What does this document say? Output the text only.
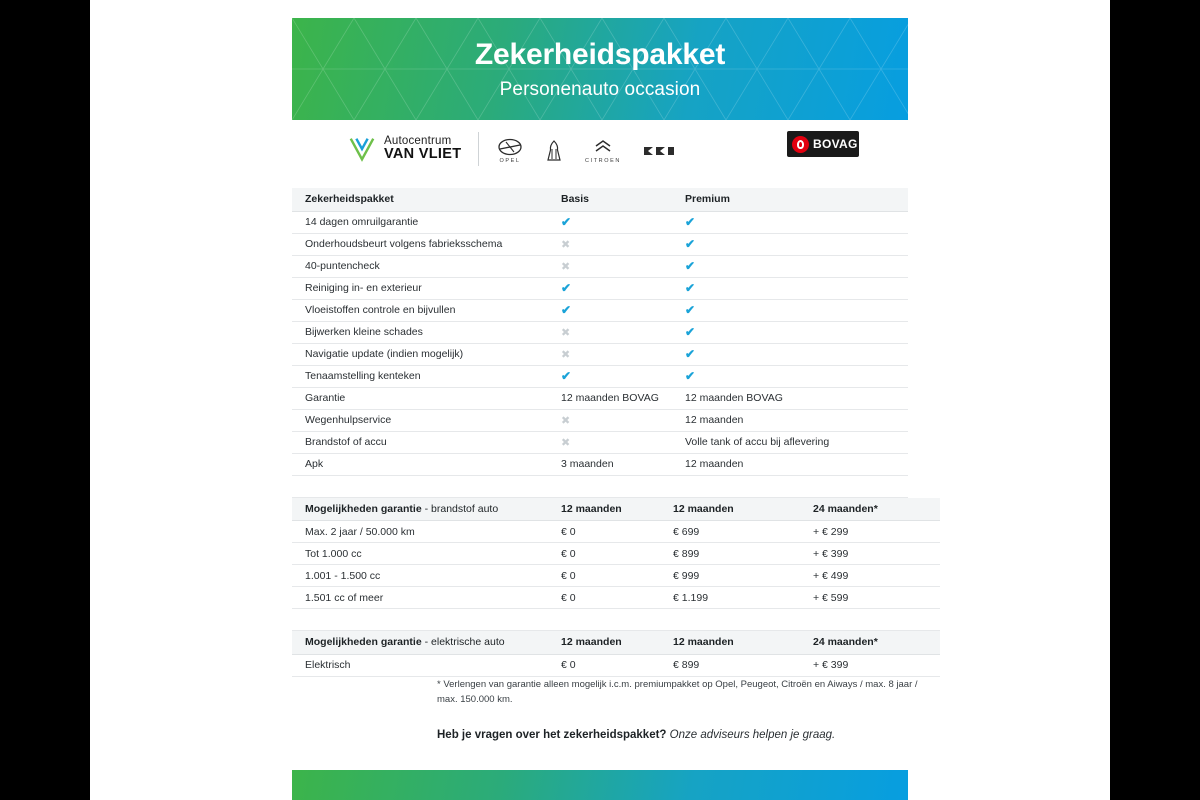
Zekerheidspakket
Personenauto occasion
Autocentrum
VAN VLIET	OPEL	CITROEN
BOVAG
Zekerheidspakket	Basis	Premium
14 dagen omruilgarantie	✔	✔
Onderhoudsbeurt volgens fabrieksschema	✖	✔
40-puntencheck	✖	✔
Reiniging in- en exterieur	✔	✔
Vloeistoffen controle en bijvullen	✔	✔
Bijwerken kleine schades	✖	✔
Navigatie update (indien mogelijk)	✖	✔
Tenaamstelling kenteken	✔	✔
Garantie	12 maanden BOVAG	12 maanden BOVAG
Wegenhulpservice	✖	12 maanden
Brandstof of accu	✖	Volle tank of accu bij aflevering
Apk	3 maanden	12 maanden

Mogelijkheden garantie - brandstof auto	12 maanden	12 maanden	24 maanden*
Max. 2 jaar / 50.000 km	€ 0	€ 699	+ € 299
Tot 1.000 cc	€ 0	€ 899	+ € 399
1.001 - 1.500 cc	€ 0	€ 999	+ € 499
1.501 cc of meer	€ 0	€ 1.199	+ € 599

Mogelijkheden garantie - elektrische auto	12 maanden	12 maanden	24 maanden*
Elektrisch	€ 0	€ 899	+ € 399
* Verlengen van garantie alleen mogelijk i.c.m. premiumpakket op Opel, Peugeot, Citroën en Aiways / max. 8 jaar / max. 150.000 km.
Heb je vragen over het zekerheidspakket? Onze adviseurs helpen je graag.
